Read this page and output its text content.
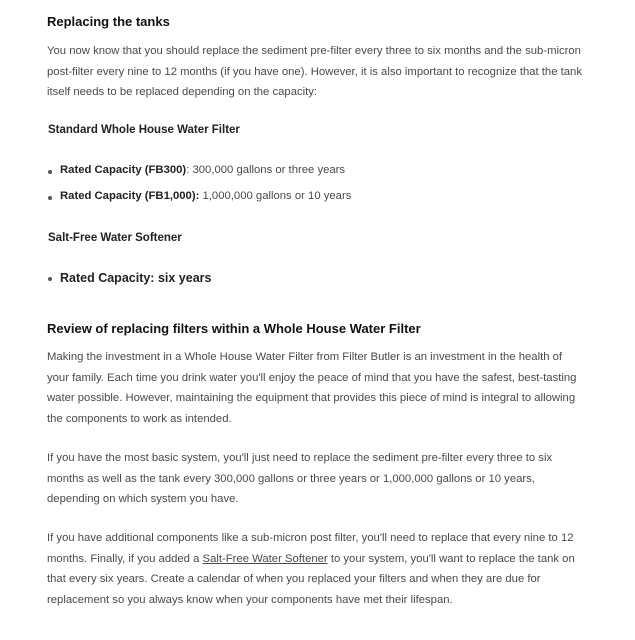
Replacing the tanks

You now know that you should replace the sediment pre-filter every three to six months and the sub-micron post-filter every nine to 12 months (if you have one). However, it is also important to recognize that the tank itself needs to be replaced depending on the capacity:

Standard Whole House Water Filter
Rated Capacity (FB300): 300,000 gallons or three years
Rated Capacity (FB1,000): 1,000,000 gallons or 10 years
Salt-Free Water Softener
Rated Capacity: six years
Review of replacing filters within a Whole House Water Filter

Making the investment in a Whole House Water Filter from Filter Butler is an investment in the health of your family. Each time you drink water you'll enjoy the peace of mind that you have the safest, best-tasting water possible. However, maintaining the equipment that provides this piece of mind is integral to allowing the components to work as intended.

If you have the most basic system, you'll just need to replace the sediment pre-filter every three to six months as well as the tank every 300,000 gallons or three years or 1,000,000 gallons or 10 years, depending on which system you have.

If you have additional components like a sub-micron post filter, you'll need to replace that every nine to 12 months. Finally, if you added a Salt-Free Water Softener to your system, you'll want to replace the tank on that every six years. Create a calendar of when you replaced your filters and when they are due for replacement so you always know when your components have met their lifespan.
